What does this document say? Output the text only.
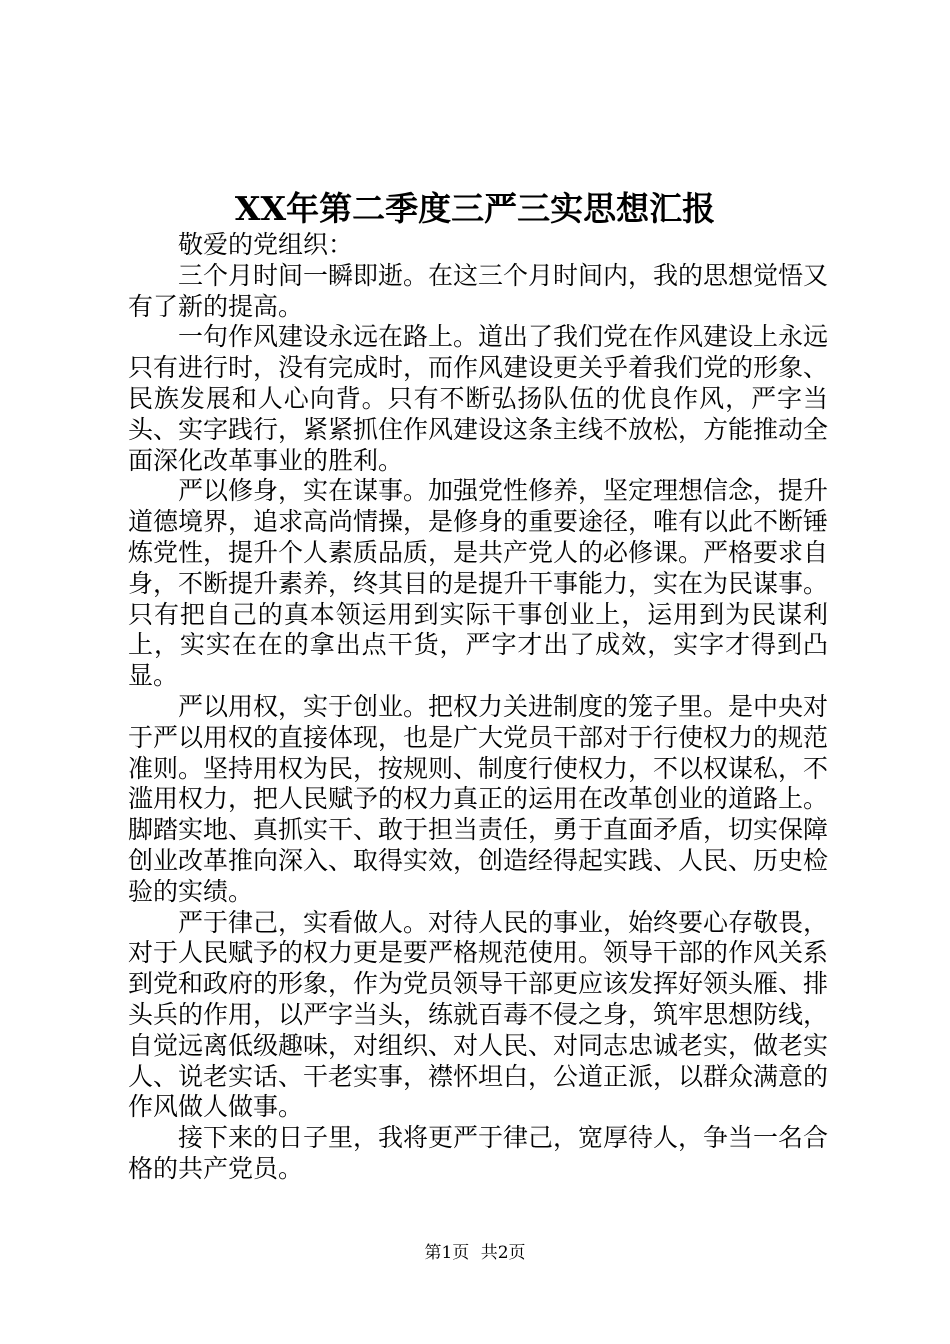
XX年第二季度三严三实思想汇报

敬爱的党组织：

三个月时间一瞬即逝。在这三个月时间内，我的思想觉悟又有了新的提高。

一句作风建设永远在路上。道出了我们党在作风建设上永远只有进行时，没有完成时，而作风建设更关乎着我们党的形象、民族发展和人心向背。只有不断弘扬队伍的优良作风，严字当头、实字践行，紧紧抓住作风建设这条主线不放松，方能推动全面深化改革事业的胜利。

严以修身，实在谋事。加强党性修养，坚定理想信念，提升道德境界，追求高尚情操，是修身的重要途径，唯有以此不断锤炼党性，提升个人素质品质，是共产党人的必修课。严格要求自身，不断提升素养，终其目的是提升干事能力，实在为民谋事。只有把自己的真本领运用到实际干事创业上，运用到为民谋利上，实实在在的拿出点干货，严字才出了成效，实字才得到凸显。

严以用权，实于创业。把权力关进制度的笼子里。是中央对于严以用权的直接体现，也是广大党员干部对于行使权力的规范准则。坚持用权为民，按规则、制度行使权力，不以权谋私，不滥用权力，把人民赋予的权力真正的运用在改革创业的道路上。脚踏实地、真抓实干、敢于担当责任，勇于直面矛盾，切实保障创业改革推向深入、取得实效，创造经得起实践、人民、历史检验的实绩。

严于律己，实看做人。对待人民的事业，始终要心存敬畏，对于人民赋予的权力更是要严格规范使用。领导干部的作风关系到党和政府的形象，作为党员领导干部更应该发挥好领头雁、排头兵的作用，以严字当头，练就百毒不侵之身，筑牢思想防线，自觉远离低级趣味，对组织、对人民、对同志忠诚老实，做老实人、说老实话、干老实事，襟怀坦白，公道正派，以群众满意的作风做人做事。

接下来的日子里，我将更严于律己，宽厚待人，争当一名合格的共产党员。

第1页 共2页
